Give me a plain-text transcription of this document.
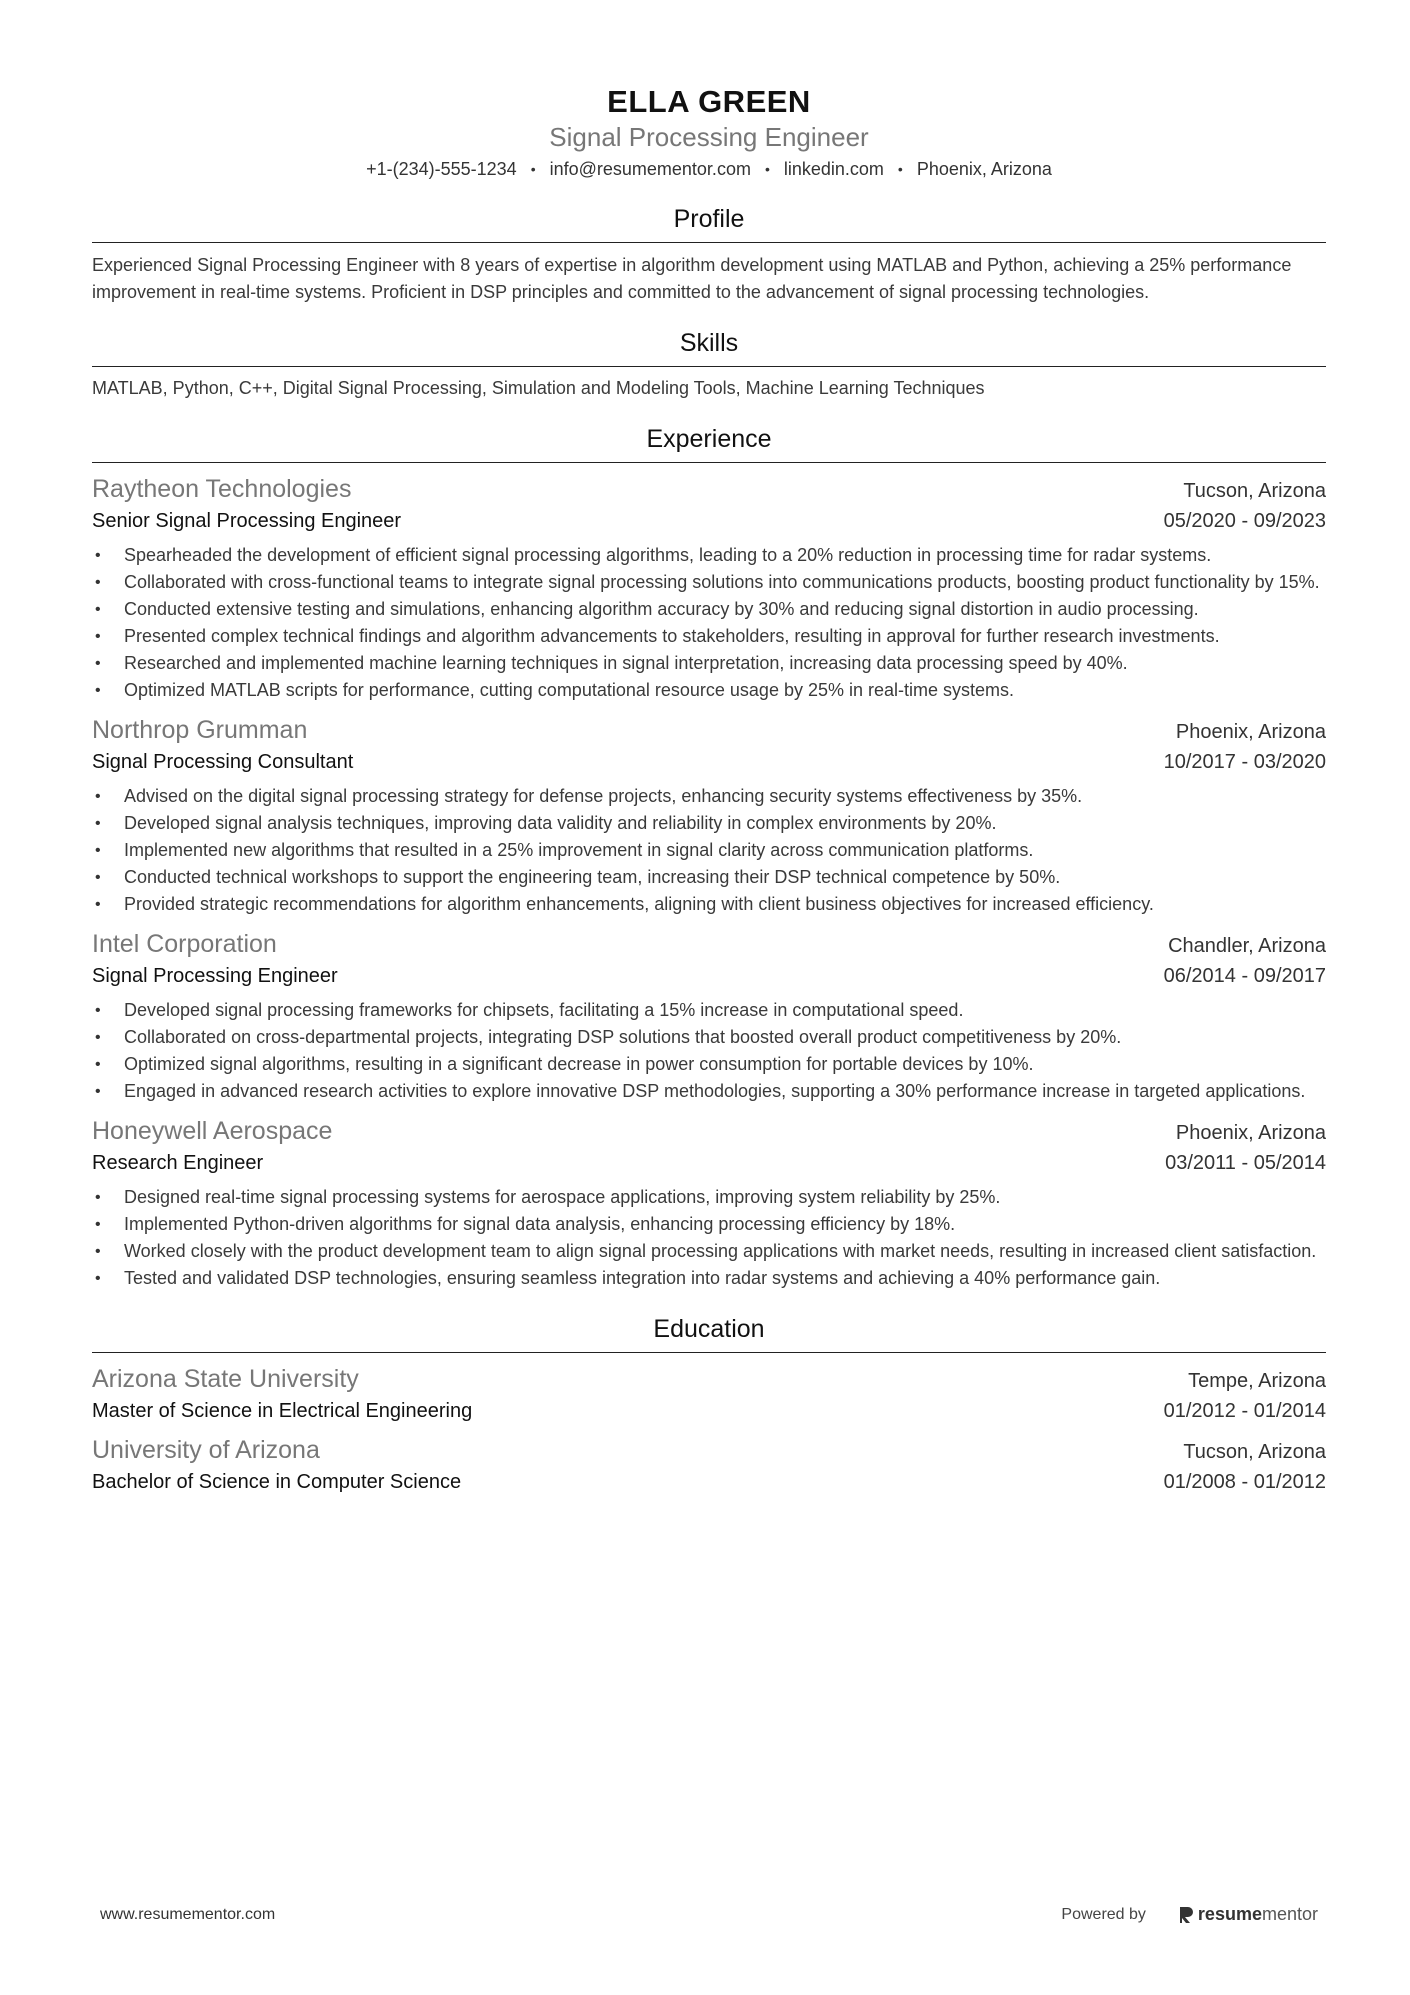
ELLA GREEN
Signal Processing Engineer
+1-(234)-555-1234 • info@resumementor.com • linkedin.com • Phoenix, Arizona
Profile
Experienced Signal Processing Engineer with 8 years of expertise in algorithm development using MATLAB and Python, achieving a 25% performance improvement in real-time systems. Proficient in DSP principles and committed to the advancement of signal processing technologies.
Skills
MATLAB, Python, C++, Digital Signal Processing, Simulation and Modeling Tools, Machine Learning Techniques
Experience
Raytheon Technologies	Tucson, Arizona
Senior Signal Processing Engineer	05/2020 - 09/2023
• Spearheaded the development of efficient signal processing algorithms, leading to a 20% reduction in processing time for radar systems.
• Collaborated with cross-functional teams to integrate signal processing solutions into communications products, boosting product functionality by 15%.
• Conducted extensive testing and simulations, enhancing algorithm accuracy by 30% and reducing signal distortion in audio processing.
• Presented complex technical findings and algorithm advancements to stakeholders, resulting in approval for further research investments.
• Researched and implemented machine learning techniques in signal interpretation, increasing data processing speed by 40%.
• Optimized MATLAB scripts for performance, cutting computational resource usage by 25% in real-time systems.
Northrop Grumman	Phoenix, Arizona
Signal Processing Consultant	10/2017 - 03/2020
• Advised on the digital signal processing strategy for defense projects, enhancing security systems effectiveness by 35%.
• Developed signal analysis techniques, improving data validity and reliability in complex environments by 20%.
• Implemented new algorithms that resulted in a 25% improvement in signal clarity across communication platforms.
• Conducted technical workshops to support the engineering team, increasing their DSP technical competence by 50%.
• Provided strategic recommendations for algorithm enhancements, aligning with client business objectives for increased efficiency.
Intel Corporation	Chandler, Arizona
Signal Processing Engineer	06/2014 - 09/2017
• Developed signal processing frameworks for chipsets, facilitating a 15% increase in computational speed.
• Collaborated on cross-departmental projects, integrating DSP solutions that boosted overall product competitiveness by 20%.
• Optimized signal algorithms, resulting in a significant decrease in power consumption for portable devices by 10%.
• Engaged in advanced research activities to explore innovative DSP methodologies, supporting a 30% performance increase in targeted applications.
Honeywell Aerospace	Phoenix, Arizona
Research Engineer	03/2011 - 05/2014
• Designed real-time signal processing systems for aerospace applications, improving system reliability by 25%.
• Implemented Python-driven algorithms for signal data analysis, enhancing processing efficiency by 18%.
• Worked closely with the product development team to align signal processing applications with market needs, resulting in increased client satisfaction.
• Tested and validated DSP technologies, ensuring seamless integration into radar systems and achieving a 40% performance gain.
Education
Arizona State University	Tempe, Arizona
Master of Science in Electrical Engineering	01/2012 - 01/2014
University of Arizona	Tucson, Arizona
Bachelor of Science in Computer Science	01/2008 - 01/2012
www.resumementor.com	Powered by	resume mentor
